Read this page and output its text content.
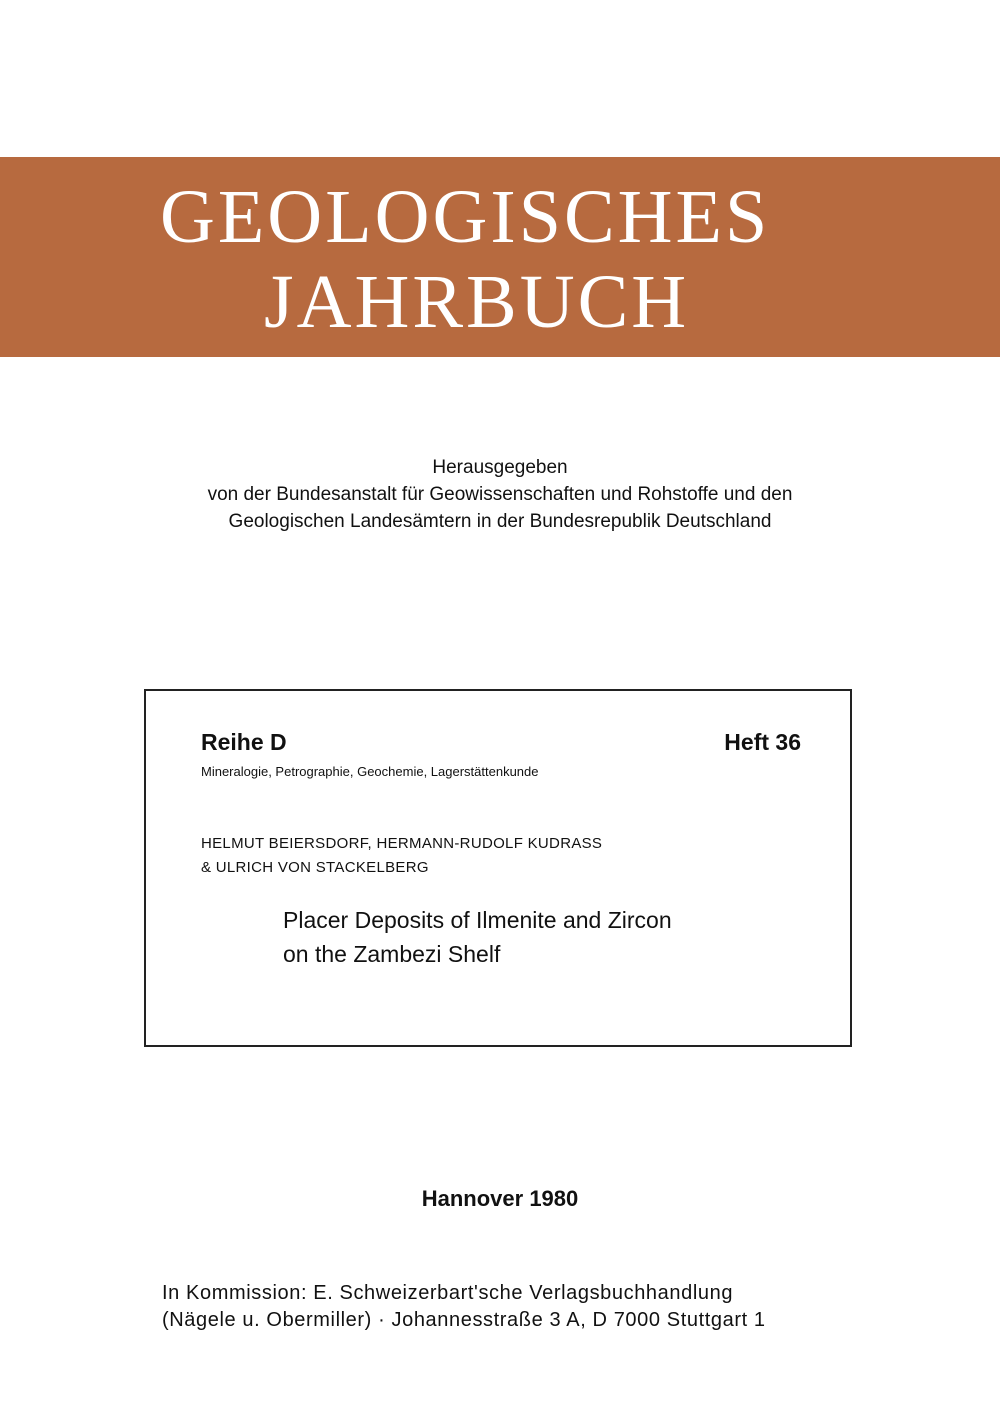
GEOLOGISCHES
JAHRBUCH
Herausgegeben
von der Bundesanstalt für Geowissenschaften und Rohstoffe und den
Geologischen Landesämtern in der Bundesrepublik Deutschland
Reihe D	Heft 36
Mineralogie, Petrographie, Geochemie, Lagerstättenkunde
HELMUT BEIERSDORF, HERMANN-RUDOLF KUDRASS
& ULRICH VON STACKELBERG
Placer Deposits of Ilmenite and Zircon
on the Zambezi Shelf
Hannover 1980
In Kommission: E. Schweizerbart'sche Verlagsbuchhandlung
(Nägele u. Obermiller) · Johannesstraße 3 A, D 7000 Stuttgart 1
